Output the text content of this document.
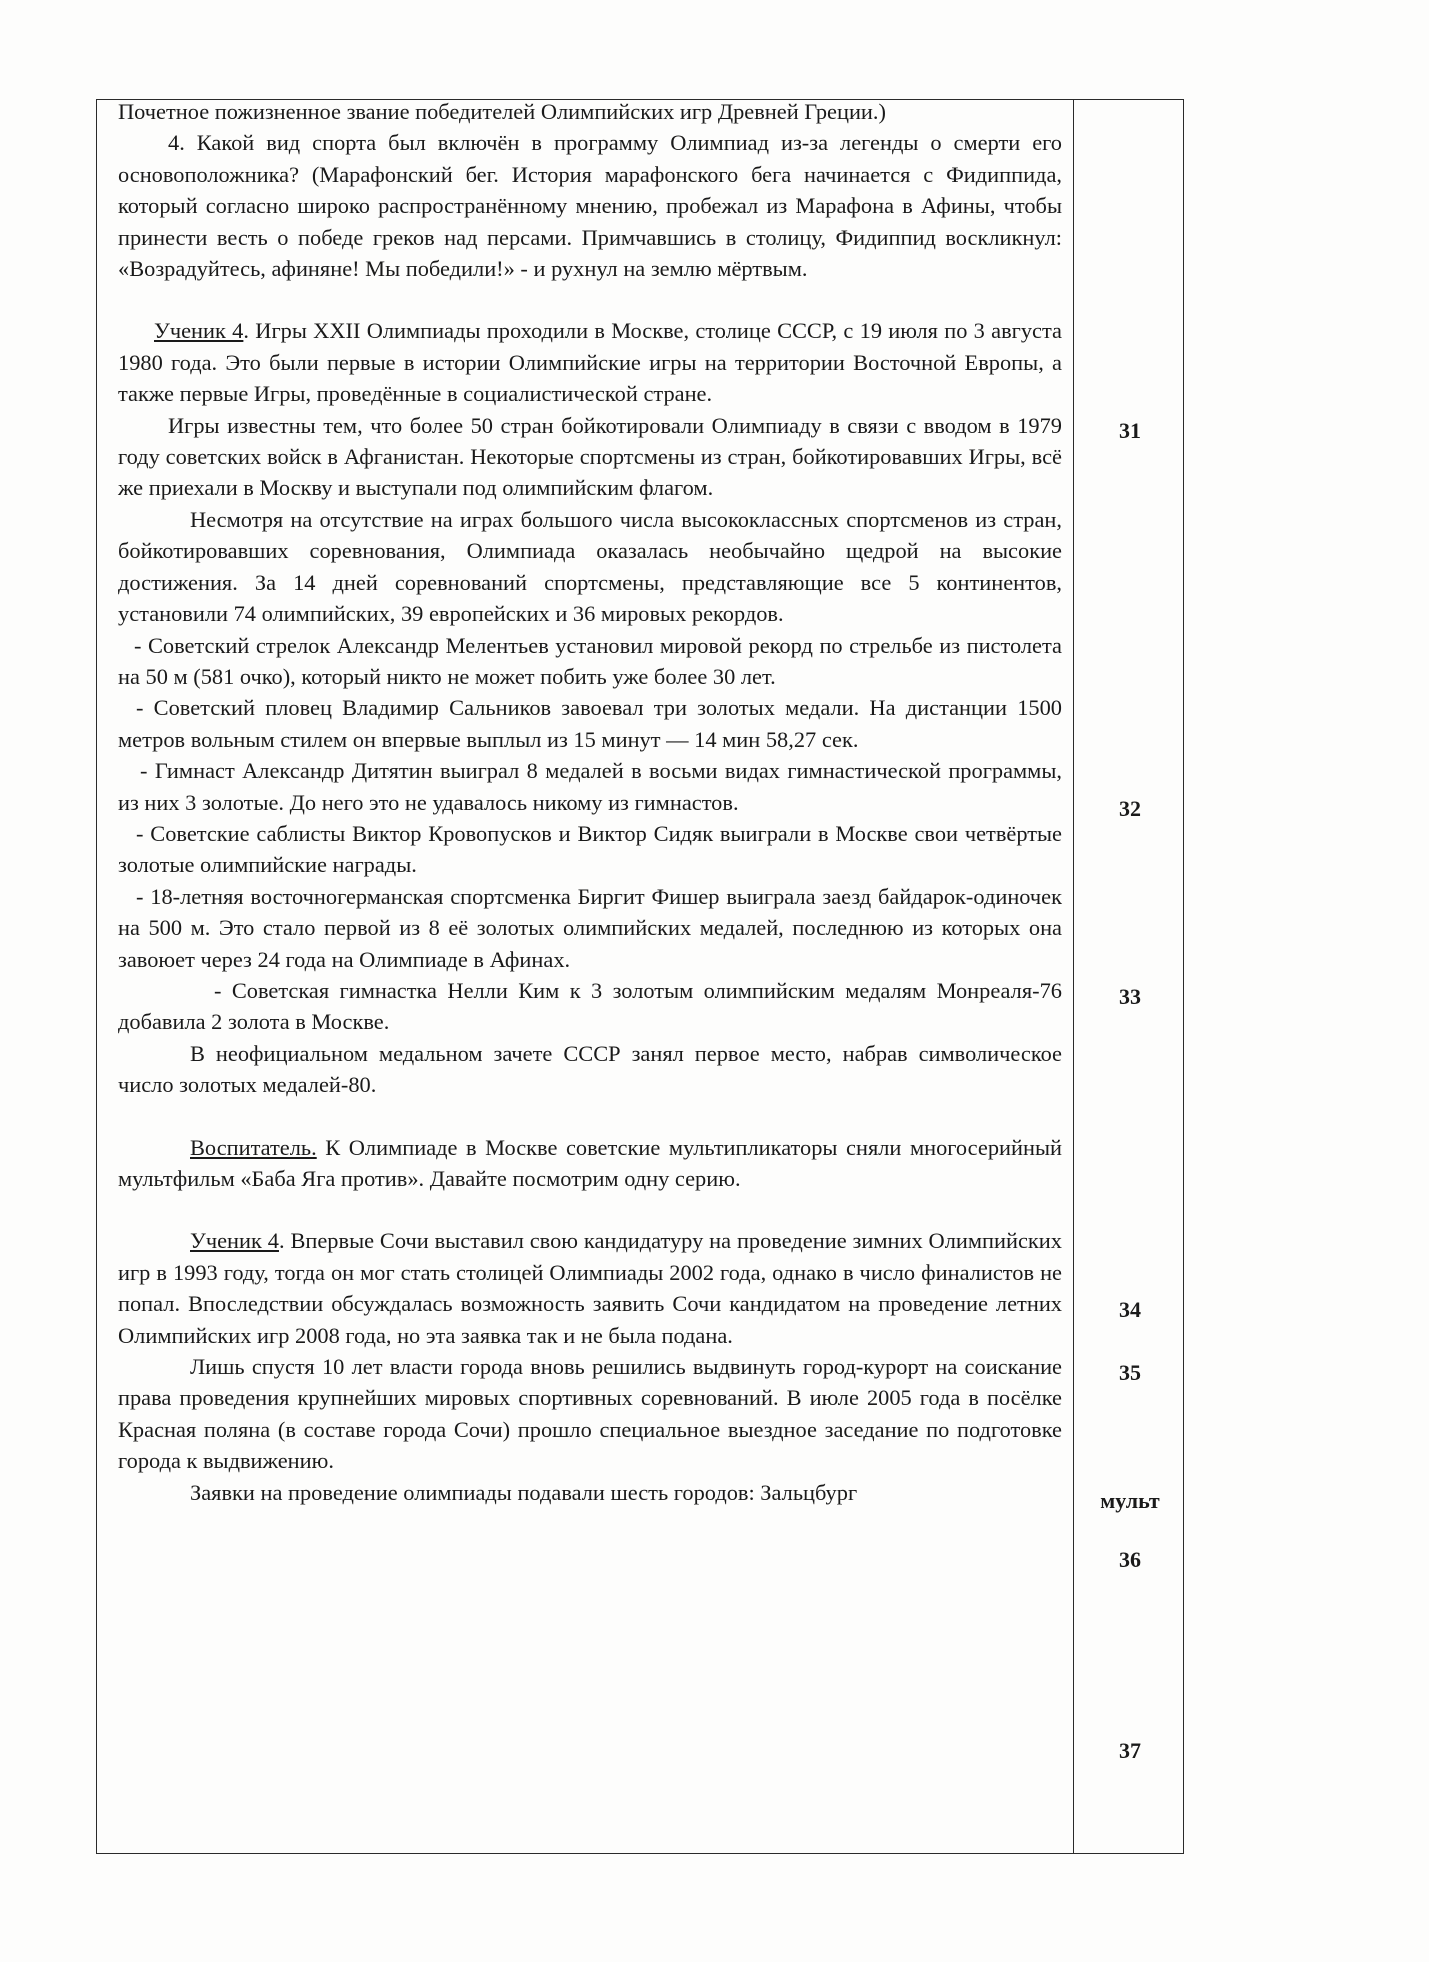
Почетное пожизненное звание победителей Олимпийских игр Древней Греции.)

4. Какой вид спорта был включён в программу Олимпиад из-за легенды о смерти его основоположника? (Марафонский бег. История марафонского бега начинается с Фидиппида, который согласно широко распространённому мнению, пробежал из Марафона в Афины, чтобы принести весть о победе греков над персами. Примчавшись в столицу, Фидиппид воскликнул: «Возрадуйтесь, афиняне! Мы победили!» - и рухнул на землю мёртвым.

Ученик 4. Игры XXII Олимпиады проходили в Москве, столице СССР, с 19 июля по 3 августа 1980 года. Это были первые в истории Олимпийские игры на территории Восточной Европы, а также первые Игры, проведённые в социалистической стране.

Игры известны тем, что более 50 стран бойкотировали Олимпиаду в связи с вводом в 1979 году советских войск в Афганистан. Некоторые спортсмены из стран, бойкотировавших Игры, всё же приехали в Москву и выступали под олимпийским флагом.

Несмотря на отсутствие на играх большого числа высококлассных спортсменов из стран, бойкотировавших соревнования, Олимпиада оказалась необычайно щедрой на высокие достижения. За 14 дней соревнований спортсмены, представляющие все 5 континентов, установили 74 олимпийских, 39 европейских и 36 мировых рекордов.

- Советский стрелок Александр Мелентьев установил мировой рекорд по стрельбе из пистолета на 50 м (581 очко), который никто не может побить уже более 30 лет.

- Советский пловец Владимир Сальников завоевал три золотых медали. На дистанции 1500 метров вольным стилем он впервые выплыл из 15 минут — 14 мин 58,27 сек.

- Гимнаст Александр Дитятин выиграл 8 медалей в восьми видах гимнастической программы, из них 3 золотые. До него это не удавалось никому из гимнастов.

- Советские саблисты Виктор Кровопусков и Виктор Сидяк выиграли в Москве свои четвёртые золотые олимпийские награды.

- 18-летняя восточногерманская спортсменка Биргит Фишер выиграла заезд байдарок-одиночек на 500 м. Это стало первой из 8 её золотых олимпийских медалей, последнюю из которых она завоюет через 24 года на Олимпиаде в Афинах.

- Советская гимнастка Нелли Ким к 3 золотым олимпийским медалям Монреаля-76 добавила 2 золота в Москве.

В неофициальном медальном зачете СССР занял первое место, набрав символическое число золотых медалей-80.

Воспитатель. К Олимпиаде в Москве советские мультипликаторы сняли многосерийный мультфильм «Баба Яга против». Давайте посмотрим одну серию.

Ученик 4. Впервые Сочи выставил свою кандидатуру на проведение зимних Олимпийских игр в 1993 году, тогда он мог стать столицей Олимпиады 2002 года, однако в число финалистов не попал. Впоследствии обсуждалась возможность заявить Сочи кандидатом на проведение летних Олимпийских игр 2008 года, но эта заявка так и не была подана.

Лишь спустя 10 лет власти города вновь решились выдвинуть город-курорт на соискание права проведения крупнейших мировых спортивных соревнований. В июле 2005 года в посёлке Красная поляна (в составе города Сочи) прошло специальное выездное заседание по подготовке города к выдвижению.

Заявки на проведение олимпиады подавали шесть городов: Зальцбург

31
32
33
34
35
мульт
36
37
